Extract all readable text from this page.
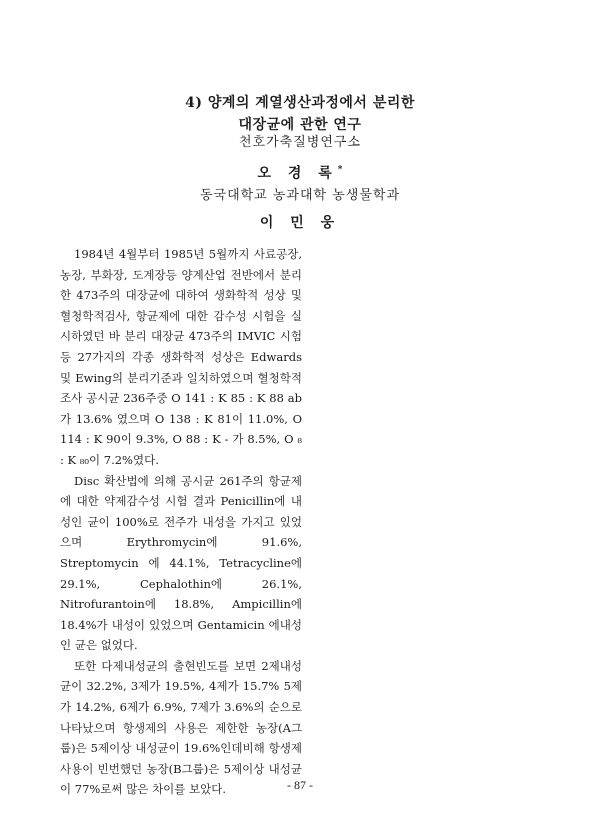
4) 양계의 계열생산과정에서 분리한
대장균에 관한 연구
천호가축질병연구소
오 경 록*
동국대학교 농과대학 농생물학과
이 민 웅

1984년 4월부터 1985년 5월까지 사료공장, 농장, 부화장, 도계장등 양계산업 전반에서 분리한 473주의 대장균에 대하여 생화학적 성상 및 혈청학적검사, 항균제에 대한 감수성 시험을 실시하였던 바 분리 대장균 473주의 IMVIC 시험등 27가지의 각종 생화학적 성상은 Edwards 및 Ewing의 분리기준과 일치하였으며 혈청학적 조사 공시균 236주중 O 141 : K 85 : K 88 ab가 13.6% 였으며 O 138 : K 81이 11.0%, O 114 : K 90이 9.3%, O 88 : K - 가 8.5%, O ₈ : K ₈₀이 7.2%였다.

Disc 확산법에 의해 공시균 261주의 항균제에 대한 약제감수성 시험 결과 Penicillin에 내성인 균이 100%로 전주가 내성을 가지고 있었으며 Erythromycin에 91.6%, Streptomycin 에 44.1%, Tetracycline에 29.1%, Cephalothin에 26.1%, Nitrofurantoin에 18.8%, Ampicillin에 18.4%가 내성이 있었으며 Gentamicin 에내성인 균은 없었다.

또한 다제내성균의 출현빈도를 보면 2제내성균이 32.2%, 3제가 19.5%, 4제가 15.7% 5제가 14.2%, 6제가 6.9%, 7제가 3.6%의 순으로 나타났으며 항생제의 사용은 제한한 농장(A그룹)은 5제이상 내성균이 19.6%인데비해 항생제 사용이 빈번했던 농장(B그룹)은 5제이상 내성균이 77%로써 많은 차이를 보았다.	- 87 -
